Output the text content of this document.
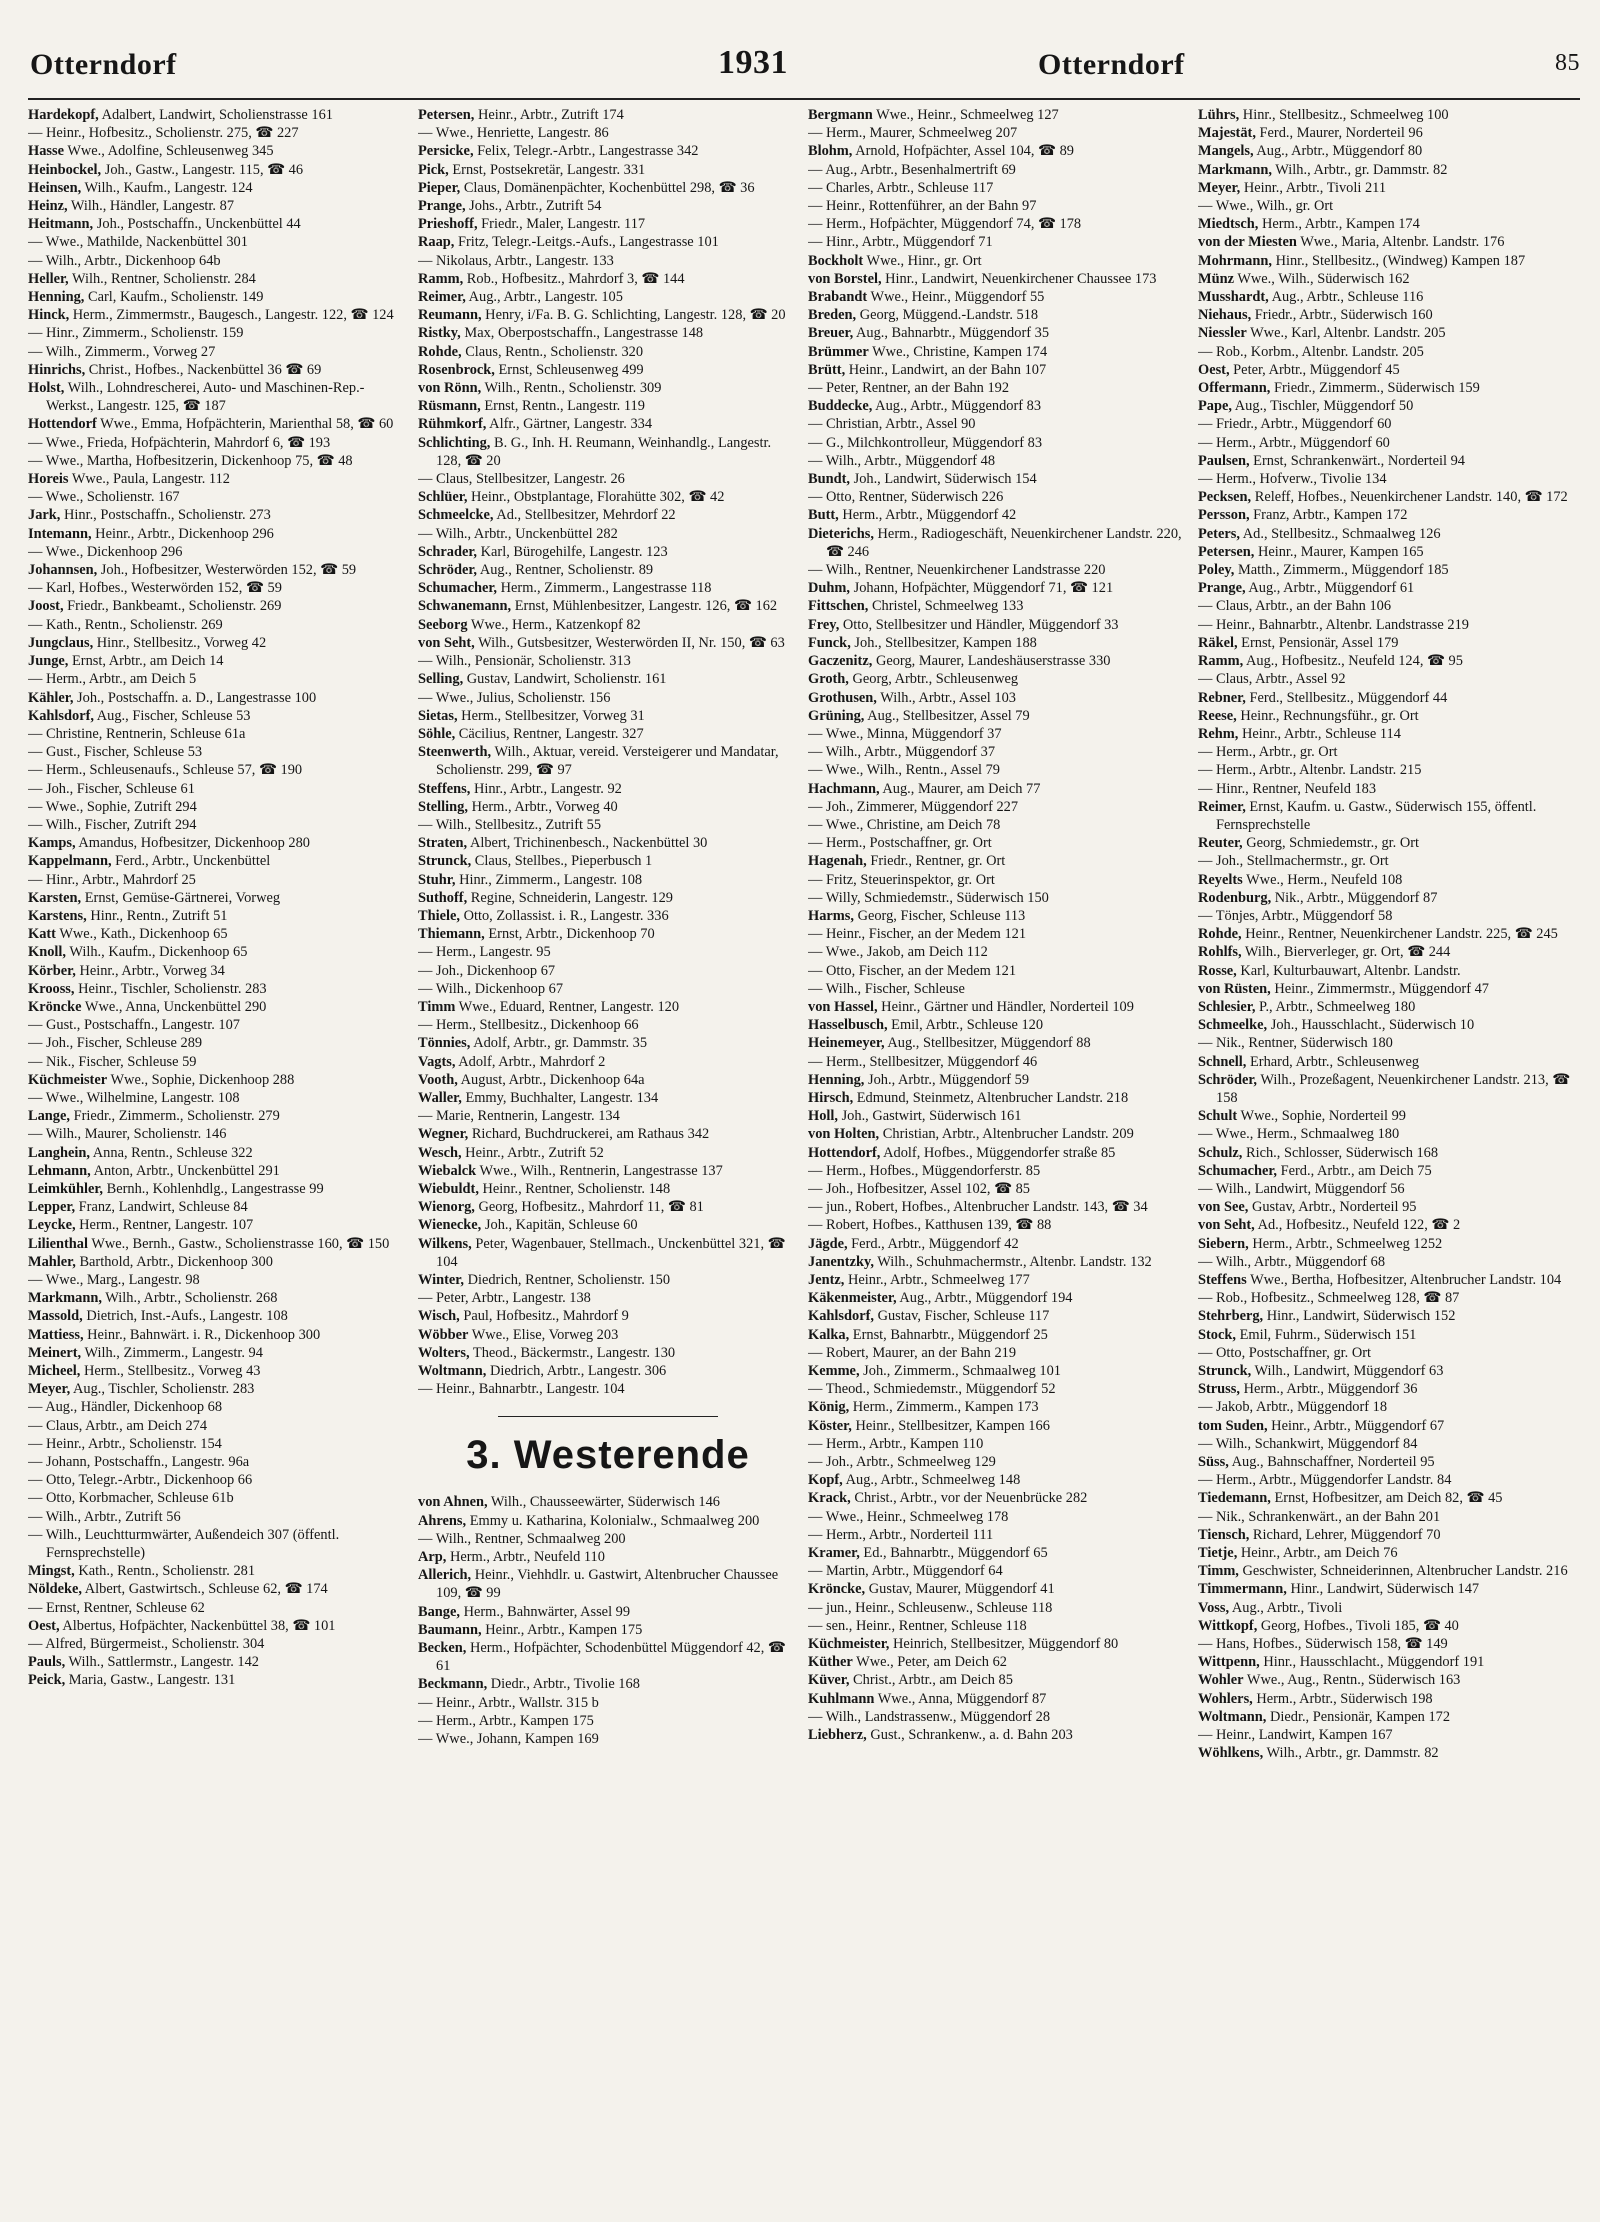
Otterndorf	1931	Otterndorf	85

Hardekopf, Adalbert, Landwirt, Scholienstrasse 161

— Heinr., Hofbesitz., Scholienstr. 275, ☎ 227

Hasse Wwe., Adolfine, Schleusenweg 345

Heinbockel, Joh., Gastw., Langestr. 115, ☎ 46

Heinsen, Wilh., Kaufm., Langestr. 124

Heinz, Wilh., Händler, Langestr. 87

Heitmann, Joh., Postschaffn., Unckenbüttel 44

— Wwe., Mathilde, Nackenbüttel 301

— Wilh., Arbtr., Dickenhoop 64b

Heller, Wilh., Rentner, Scholienstr. 284

Henning, Carl, Kaufm., Scholienstr. 149

Hinck, Herm., Zimmermstr., Baugesch., Langestr. 122, ☎ 124

— Hinr., Zimmerm., Scholienstr. 159

— Wilh., Zimmerm., Vorweg 27

Hinrichs, Christ., Hofbes., Nackenbüttel 36 ☎ 69

Holst, Wilh., Lohndrescherei, Auto- und Maschinen-Rep.-Werkst., Langestr. 125, ☎ 187

Hottendorf Wwe., Emma, Hofpächterin, Marienthal 58, ☎ 60

— Wwe., Frieda, Hofpächterin, Mahrdorf 6, ☎ 193

— Wwe., Martha, Hofbesitzerin, Dickenhoop 75, ☎ 48

Horeis Wwe., Paula, Langestr. 112

— Wwe., Scholienstr. 167

Jark, Hinr., Postschaffn., Scholienstr. 273

Intemann, Heinr., Arbtr., Dickenhoop 296

— Wwe., Dickenhoop 296

Johannsen, Joh., Hofbesitzer, Westerwörden 152, ☎ 59

— Karl, Hofbes., Westerwörden 152, ☎ 59

Joost, Friedr., Bankbeamt., Scholienstr. 269

— Kath., Rentn., Scholienstr. 269

Jungclaus, Hinr., Stellbesitz., Vorweg 42

Junge, Ernst, Arbtr., am Deich 14

— Herm., Arbtr., am Deich 5

Kähler, Joh., Postschaffn. a. D., Langestrasse 100

Kahlsdorf, Aug., Fischer, Schleuse 53

— Christine, Rentnerin, Schleuse 61a

— Gust., Fischer, Schleuse 53

— Herm., Schleusenaufs., Schleuse 57, ☎ 190

— Joh., Fischer, Schleuse 61

— Wwe., Sophie, Zutrift 294

— Wilh., Fischer, Zutrift 294

Kamps, Amandus, Hofbesitzer, Dickenhoop 280

Kappelmann, Ferd., Arbtr., Unckenbüttel

— Hinr., Arbtr., Mahrdorf 25

Karsten, Ernst, Gemüse-Gärtnerei, Vorweg

Karstens, Hinr., Rentn., Zutrift 51

Katt Wwe., Kath., Dickenhoop 65

Knoll, Wilh., Kaufm., Dickenhoop 65

Körber, Heinr., Arbtr., Vorweg 34

Krooss, Heinr., Tischler, Scholienstr. 283

Kröncke Wwe., Anna, Unckenbüttel 290

— Gust., Postschaffn., Langestr. 107

— Joh., Fischer, Schleuse 289

— Nik., Fischer, Schleuse 59

Küchmeister Wwe., Sophie, Dickenhoop 288

— Wwe., Wilhelmine, Langestr. 108

Lange, Friedr., Zimmerm., Scholienstr. 279

— Wilh., Maurer, Scholienstr. 146

Langhein, Anna, Rentn., Schleuse 322

Lehmann, Anton, Arbtr., Unckenbüttel 291

Leimkühler, Bernh., Kohlenhdlg., Langestrasse 99

Lepper, Franz, Landwirt, Schleuse 84

Leycke, Herm., Rentner, Langestr. 107

Lilienthal Wwe., Bernh., Gastw., Scholienstrasse 160, ☎ 150

Mahler, Barthold, Arbtr., Dickenhoop 300

— Wwe., Marg., Langestr. 98

Markmann, Wilh., Arbtr., Scholienstr. 268

Massold, Dietrich, Inst.-Aufs., Langestr. 108

Mattiess, Heinr., Bahnwärt. i. R., Dickenhoop 300

Meinert, Wilh., Zimmerm., Langestr. 94

Micheel, Herm., Stellbesitz., Vorweg 43

Meyer, Aug., Tischler, Scholienstr. 283

— Aug., Händler, Dickenhoop 68

— Claus, Arbtr., am Deich 274

— Heinr., Arbtr., Scholienstr. 154

— Johann, Postschaffn., Langestr. 96a

— Otto, Telegr.-Arbtr., Dickenhoop 66

— Otto, Korbmacher, Schleuse 61b

— Wilh., Arbtr., Zutrift 56

— Wilh., Leuchtturmwärter, Außendeich 307 (öffentl. Fernsprechstelle)

Mingst, Kath., Rentn., Scholienstr. 281

Nöldeke, Albert, Gastwirtsch., Schleuse 62, ☎ 174

— Ernst, Rentner, Schleuse 62

Oest, Albertus, Hofpächter, Nackenbüttel 38, ☎ 101

— Alfred, Bürgermeist., Scholienstr. 304

Pauls, Wilh., Sattlermstr., Langestr. 142

Peick, Maria, Gastw., Langestr. 131

Petersen, Heinr., Arbtr., Zutrift 174

— Wwe., Henriette, Langestr. 86

Persicke, Felix, Telegr.-Arbtr., Langestrasse 342

Pick, Ernst, Postsekretär, Langestr. 331

Pieper, Claus, Domänenpächter, Kochenbüttel 298, ☎ 36

Prange, Johs., Arbtr., Zutrift 54

Prieshoff, Friedr., Maler, Langestr. 117

Raap, Fritz, Telegr.-Leitgs.-Aufs., Langestrasse 101

— Nikolaus, Arbtr., Langestr. 133

Ramm, Rob., Hofbesitz., Mahrdorf 3, ☎ 144

Reimer, Aug., Arbtr., Langestr. 105

Reumann, Henry, i/Fa. B. G. Schlichting, Langestr. 128, ☎ 20

Ristky, Max, Oberpostschaffn., Langestrasse 148

Rohde, Claus, Rentn., Scholienstr. 320

Rosenbrock, Ernst, Schleusenweg 499

von Rönn, Wilh., Rentn., Scholienstr. 309

Rüsmann, Ernst, Rentn., Langestr. 119

Rühmkorf, Alfr., Gärtner, Langestr. 334

Schlichting, B. G., Inh. H. Reumann, Weinhandlg., Langestr. 128, ☎ 20

— Claus, Stellbesitzer, Langestr. 26

Schlüer, Heinr., Obstplantage, Florahütte 302, ☎ 42

Schmeelcke, Ad., Stellbesitzer, Mehrdorf 22

— Wilh., Arbtr., Unckenbüttel 282

Schrader, Karl, Bürogehilfe, Langestr. 123

Schröder, Aug., Rentner, Scholienstr. 89

Schumacher, Herm., Zimmerm., Langestrasse 118

Schwanemann, Ernst, Mühlenbesitzer, Langestr. 126, ☎ 162

Seeborg Wwe., Herm., Katzenkopf 82

von Seht, Wilh., Gutsbesitzer, Westerwörden II, Nr. 150, ☎ 63

— Wilh., Pensionär, Scholienstr. 313

Selling, Gustav, Landwirt, Scholienstr. 161

— Wwe., Julius, Scholienstr. 156

Sietas, Herm., Stellbesitzer, Vorweg 31

Söhle, Cäcilius, Rentner, Langestr. 327

Steenwerth, Wilh., Aktuar, vereid. Versteigerer und Mandatar, Scholienstr. 299, ☎ 97

Steffens, Hinr., Arbtr., Langestr. 92

Stelling, Herm., Arbtr., Vorweg 40

— Wilh., Stellbesitz., Zutrift 55

Straten, Albert, Trichinenbesch., Nackenbüttel 30

Strunck, Claus, Stellbes., Pieperbusch 1

Stuhr, Hinr., Zimmerm., Langestr. 108

Suthoff, Regine, Schneiderin, Langestr. 129

Thiele, Otto, Zollassist. i. R., Langestr. 336

Thiemann, Ernst, Arbtr., Dickenhoop 70

— Herm., Langestr. 95

— Joh., Dickenhoop 67

— Wilh., Dickenhoop 67

Timm Wwe., Eduard, Rentner, Langestr. 120

— Herm., Stellbesitz., Dickenhoop 66

Tönnies, Adolf, Arbtr., gr. Dammstr. 35

Vagts, Adolf, Arbtr., Mahrdorf 2

Vooth, August, Arbtr., Dickenhoop 64a

Waller, Emmy, Buchhalter, Langestr. 134

— Marie, Rentnerin, Langestr. 134

Wegner, Richard, Buchdruckerei, am Rathaus 342

Wesch, Heinr., Arbtr., Zutrift 52

Wiebalck Wwe., Wilh., Rentnerin, Langestrasse 137

Wiebuldt, Heinr., Rentner, Scholienstr. 148

Wienorg, Georg, Hofbesitz., Mahrdorf 11, ☎ 81

Wienecke, Joh., Kapitän, Schleuse 60

Wilkens, Peter, Wagenbauer, Stellmach., Unckenbüttel 321, ☎ 104

Winter, Diedrich, Rentner, Scholienstr. 150

— Peter, Arbtr., Langestr. 138

Wisch, Paul, Hofbesitz., Mahrdorf 9

Wöbber Wwe., Elise, Vorweg 203

Wolters, Theod., Bäckermstr., Langestr. 130

Woltmann, Diedrich, Arbtr., Langestr. 306

— Heinr., Bahnarbtr., Langestr. 104

3. Westerende

von Ahnen, Wilh., Chausseewärter, Süderwisch 146

Ahrens, Emmy u. Katharina, Kolonialw., Schmaalweg 200

— Wilh., Rentner, Schmaalweg 200

Arp, Herm., Arbtr., Neufeld 110

Allerich, Heinr., Viehhdlr. u. Gastwirt, Altenbrucher Chaussee 109, ☎ 99

Bange, Herm., Bahnwärter, Assel 99

Baumann, Heinr., Arbtr., Kampen 175

Becken, Herm., Hofpächter, Schodenbüttel Müggendorf 42, ☎ 61

Beckmann, Diedr., Arbtr., Tivolie 168

— Heinr., Arbtr., Wallstr. 315 b

— Herm., Arbtr., Kampen 175

— Wwe., Johann, Kampen 169

Bergmann Wwe., Heinr., Schmeelweg 127

— Herm., Maurer, Schmeelweg 207

Blohm, Arnold, Hofpächter, Assel 104, ☎ 89

— Aug., Arbtr., Besenhalmertrift 69

— Charles, Arbtr., Schleuse 117

— Heinr., Rottenführer, an der Bahn 97

— Herm., Hofpächter, Müggendorf 74, ☎ 178

— Hinr., Arbtr., Müggendorf 71

Bockholt Wwe., Hinr., gr. Ort

von Borstel, Hinr., Landwirt, Neuenkirchener Chaussee 173

Brabandt Wwe., Heinr., Müggendorf 55

Breden, Georg, Müggend.-Landstr. 518

Breuer, Aug., Bahnarbtr., Müggendorf 35

Brümmer Wwe., Christine, Kampen 174

Brütt, Heinr., Landwirt, an der Bahn 107

— Peter, Rentner, an der Bahn 192

Buddecke, Aug., Arbtr., Müggendorf 83

— Christian, Arbtr., Assel 90

— G., Milchkontrolleur, Müggendorf 83

— Wilh., Arbtr., Müggendorf 48

Bundt, Joh., Landwirt, Süderwisch 154

— Otto, Rentner, Süderwisch 226

Butt, Herm., Arbtr., Müggendorf 42

Dieterichs, Herm., Radiogeschäft, Neuenkirchener Landstr. 220, ☎ 246

— Wilh., Rentner, Neuenkirchener Landstrasse 220

Duhm, Johann, Hofpächter, Müggendorf 71, ☎ 121

Fittschen, Christel, Schmeelweg 133

Frey, Otto, Stellbesitzer und Händler, Müggendorf 33

Funck, Joh., Stellbesitzer, Kampen 188

Gaczenitz, Georg, Maurer, Landeshäuserstrasse 330

Groth, Georg, Arbtr., Schleusenweg

Grothusen, Wilh., Arbtr., Assel 103

Grüning, Aug., Stellbesitzer, Assel 79

— Wwe., Minna, Müggendorf 37

— Wilh., Arbtr., Müggendorf 37

— Wwe., Wilh., Rentn., Assel 79

Hachmann, Aug., Maurer, am Deich 77

— Joh., Zimmerer, Müggendorf 227

— Wwe., Christine, am Deich 78

— Herm., Postschaffner, gr. Ort

Hagenah, Friedr., Rentner, gr. Ort

— Fritz, Steuerinspektor, gr. Ort

— Willy, Schmiedemstr., Süderwisch 150

Harms, Georg, Fischer, Schleuse 113

— Heinr., Fischer, an der Medem 121

— Wwe., Jakob, am Deich 112

— Otto, Fischer, an der Medem 121

— Wilh., Fischer, Schleuse

von Hassel, Heinr., Gärtner und Händler, Norderteil 109

Hasselbusch, Emil, Arbtr., Schleuse 120

Heinemeyer, Aug., Stellbesitzer, Müggendorf 88

— Herm., Stellbesitzer, Müggendorf 46

Henning, Joh., Arbtr., Müggendorf 59

Hirsch, Edmund, Steinmetz, Altenbrucher Landstr. 218

Holl, Joh., Gastwirt, Süderwisch 161

von Holten, Christian, Arbtr., Altenbrucher Landstr. 209

Hottendorf, Adolf, Hofbes., Müggendorfer straße 85

— Herm., Hofbes., Müggendorferstr. 85

— Joh., Hofbesitzer, Assel 102, ☎ 85

— jun., Robert, Hofbes., Altenbrucher Landstr. 143, ☎ 34

— Robert, Hofbes., Katthusen 139, ☎ 88

Jägde, Ferd., Arbtr., Müggendorf 42

Janentzky, Wilh., Schuhmachermstr., Altenbr. Landstr. 132

Jentz, Heinr., Arbtr., Schmeelweg 177

Käkenmeister, Aug., Arbtr., Müggendorf 194

Kahlsdorf, Gustav, Fischer, Schleuse 117

Kalka, Ernst, Bahnarbtr., Müggendorf 25

— Robert, Maurer, an der Bahn 219

Kemme, Joh., Zimmerm., Schmaalweg 101

— Theod., Schmiedemstr., Müggendorf 52

König, Herm., Zimmerm., Kampen 173

Köster, Heinr., Stellbesitzer, Kampen 166

— Herm., Arbtr., Kampen 110

— Joh., Arbtr., Schmeelweg 129

Kopf, Aug., Arbtr., Schmeelweg 148

Krack, Christ., Arbtr., vor der Neuenbrücke 282

— Wwe., Heinr., Schmeelweg 178

— Herm., Arbtr., Norderteil 111

Kramer, Ed., Bahnarbtr., Müggendorf 65

— Martin, Arbtr., Müggendorf 64

Kröncke, Gustav, Maurer, Müggendorf 41

— jun., Heinr., Schleusenw., Schleuse 118

— sen., Heinr., Rentner, Schleuse 118

Küchmeister, Heinrich, Stellbesitzer, Müggendorf 80

Küther Wwe., Peter, am Deich 62

Küver, Christ., Arbtr., am Deich 85

Kuhlmann Wwe., Anna, Müggendorf 87

— Wilh., Landstrassenw., Müggendorf 28

Liebherz, Gust., Schrankenw., a. d. Bahn 203

Lührs, Hinr., Stellbesitz., Schmeelweg 100

Majestät, Ferd., Maurer, Norderteil 96

Mangels, Aug., Arbtr., Müggendorf 80

Markmann, Wilh., Arbtr., gr. Dammstr. 82

Meyer, Heinr., Arbtr., Tivoli 211

— Wwe., Wilh., gr. Ort

Miedtsch, Herm., Arbtr., Kampen 174

von der Miesten Wwe., Maria, Altenbr. Landstr. 176

Mohrmann, Hinr., Stellbesitz., (Windweg) Kampen 187

Münz Wwe., Wilh., Süderwisch 162

Musshardt, Aug., Arbtr., Schleuse 116

Niehaus, Friedr., Arbtr., Süderwisch 160

Niessler Wwe., Karl, Altenbr. Landstr. 205

— Rob., Korbm., Altenbr. Landstr. 205

Oest, Peter, Arbtr., Müggendorf 45

Offermann, Friedr., Zimmerm., Süderwisch 159

Pape, Aug., Tischler, Müggendorf 50

— Friedr., Arbtr., Müggendorf 60

— Herm., Arbtr., Müggendorf 60

Paulsen, Ernst, Schrankenwärt., Norderteil 94

— Herm., Hofverw., Tivolie 134

Pecksen, Releff, Hofbes., Neuenkirchener Landstr. 140, ☎ 172

Persson, Franz, Arbtr., Kampen 172

Peters, Ad., Stellbesitz., Schmaalweg 126

Petersen, Heinr., Maurer, Kampen 165

Poley, Matth., Zimmerm., Müggendorf 185

Prange, Aug., Arbtr., Müggendorf 61

— Claus, Arbtr., an der Bahn 106

— Heinr., Bahnarbtr., Altenbr. Landstrasse 219

Räkel, Ernst, Pensionär, Assel 179

Ramm, Aug., Hofbesitz., Neufeld 124, ☎ 95

— Claus, Arbtr., Assel 92

Rebner, Ferd., Stellbesitz., Müggendorf 44

Reese, Heinr., Rechnungsführ., gr. Ort

Rehm, Heinr., Arbtr., Schleuse 114

— Herm., Arbtr., gr. Ort

— Herm., Arbtr., Altenbr. Landstr. 215

— Hinr., Rentner, Neufeld 183

Reimer, Ernst, Kaufm. u. Gastw., Süderwisch 155, öffentl. Fernsprechstelle

Reuter, Georg, Schmiedemstr., gr. Ort

— Joh., Stellmachermstr., gr. Ort

Reyelts Wwe., Herm., Neufeld 108

Rodenburg, Nik., Arbtr., Müggendorf 87

— Tönjes, Arbtr., Müggendorf 58

Rohde, Heinr., Rentner, Neuenkirchener Landstr. 225, ☎ 245

Rohlfs, Wilh., Bierverleger, gr. Ort, ☎ 244

Rosse, Karl, Kulturbauwart, Altenbr. Landstr.

von Rüsten, Heinr., Zimmermstr., Müggendorf 47

Schlesier, P., Arbtr., Schmeelweg 180

Schmeelke, Joh., Hausschlacht., Süderwisch 10

— Nik., Rentner, Süderwisch 180

Schnell, Erhard, Arbtr., Schleusenweg

Schröder, Wilh., Prozeßagent, Neuenkirchener Landstr. 213, ☎ 158

Schult Wwe., Sophie, Norderteil 99

— Wwe., Herm., Schmaalweg 180

Schulz, Rich., Schlosser, Süderwisch 168

Schumacher, Ferd., Arbtr., am Deich 75

— Wilh., Landwirt, Müggendorf 56

von See, Gustav, Arbtr., Norderteil 95

von Seht, Ad., Hofbesitz., Neufeld 122, ☎ 2

Siebern, Herm., Arbtr., Schmeelweg 1252

— Wilh., Arbtr., Müggendorf 68

Steffens Wwe., Bertha, Hofbesitzer, Altenbrucher Landstr. 104

— Rob., Hofbesitz., Schmeelweg 128, ☎ 87

Stehrberg, Hinr., Landwirt, Süderwisch 152

Stock, Emil, Fuhrm., Süderwisch 151

— Otto, Postschaffner, gr. Ort

Strunck, Wilh., Landwirt, Müggendorf 63

Struss, Herm., Arbtr., Müggendorf 36

— Jakob, Arbtr., Müggendorf 18

tom Suden, Heinr., Arbtr., Müggendorf 67

— Wilh., Schankwirt, Müggendorf 84

Süss, Aug., Bahnschaffner, Norderteil 95

— Herm., Arbtr., Müggendorfer Landstr. 84

Tiedemann, Ernst, Hofbesitzer, am Deich 82, ☎ 45

— Nik., Schrankenwärt., an der Bahn 201

Tiensch, Richard, Lehrer, Müggendorf 70

Tietje, Heinr., Arbtr., am Deich 76

Timm, Geschwister, Schneiderinnen, Altenbrucher Landstr. 216

Timmermann, Hinr., Landwirt, Süderwisch 147

Voss, Aug., Arbtr., Tivoli

Wittkopf, Georg, Hofbes., Tivoli 185, ☎ 40

— Hans, Hofbes., Süderwisch 158, ☎ 149

Wittpenn, Hinr., Hausschlacht., Müggendorf 191

Wohler Wwe., Aug., Rentn., Süderwisch 163

Wohlers, Herm., Arbtr., Süderwisch 198

Woltmann, Diedr., Pensionär, Kampen 172

— Heinr., Landwirt, Kampen 167

Wöhlkens, Wilh., Arbtr., gr. Dammstr. 82
